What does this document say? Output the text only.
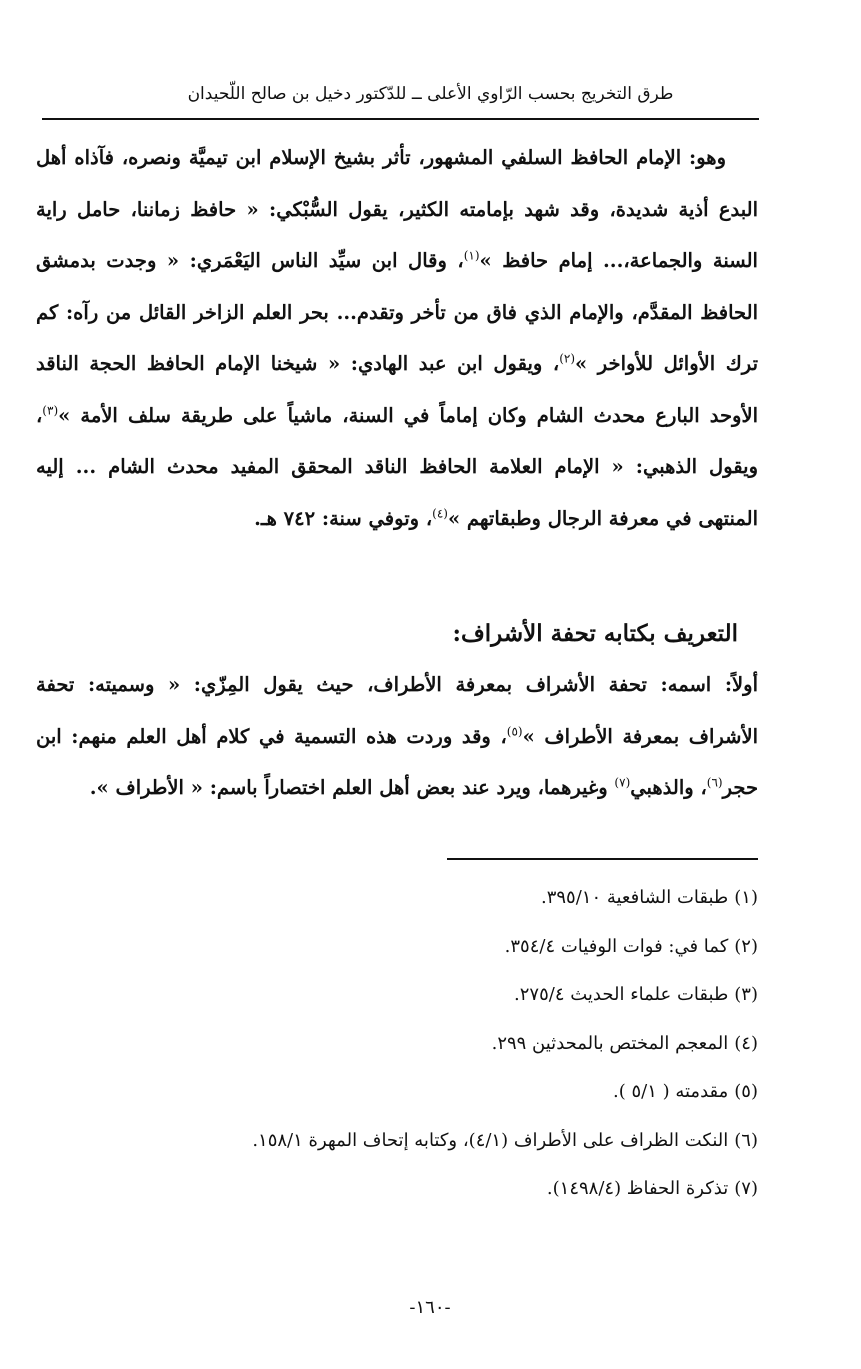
طرق التخريج بحسب الرّاوي الأعلى ــ للدّكتور دخيل بن صالح اللّحيدان

وهو: الإمام الحافظ السلفي المشهور، تأثر بشيخ الإسلام ابن تيميَّة ونصره، فآذاه أهل البدع أذية شديدة، وقد شهد بإمامته الكثير، يقول السُّبْكي: « حافظ زماننا، حامل راية السنة والجماعة،... إمام حافظ »$^{(١)}$، وقال ابن سيِّد الناس اليَعْمَري: « وجدت بدمشق الحافظ المقدَّم، والإمام الذي فاق من تأخر وتقدم... بحر العلم الزاخر القائل من رآه: كم ترك الأوائل للأواخر »$^{(٢)}$، ويقول ابن عبد الهادي: « شيخنا الإمام الحافظ الحجة الناقد الأوحد البارع محدث الشام وكان إماماً في السنة، ماشياً على طريقة سلف الأمة »$^{(٣)}$، ويقول الذهبي: « الإمام العلامة الحافظ الناقد المحقق المفيد محدث الشام ... إليه المنتهى في معرفة الرجال وطبقاتهم »$^{(٤)}$، وتوفي سنة: ٧٤٢ هـ.

التعريف بكتابه تحفة الأشراف:

أولاً: اسمه: تحفة الأشراف بمعرفة الأطراف، حيث يقول المِزّي: « وسميته: تحفة الأشراف بمعرفة الأطراف »$^{(٥)}$، وقد وردت هذه التسمية في كلام أهل العلم منهم: ابن حجر$^{(٦)}$، والذهبي$^{(٧)}$ وغيرهما، ويرد عند بعض أهل العلم اختصاراً باسم: « الأطراف ».

(١)طبقات الشافعية ٣٩٥/١٠.

(٢)كما في: فوات الوفيات ٣٥٤/٤.

(٣)طبقات علماء الحديث ٢٧٥/٤.

(٤)المعجم المختص بالمحدثين ٢٩٩.

(٥)مقدمته ( ٥/١ ).

(٦)النكت الظراف على الأطراف (٤/١)، وكتابه إتحاف المهرة ١٥٨/١.

(٧)تذكرة الحفاظ (١٤٩٨/٤).

-١٦٠-
